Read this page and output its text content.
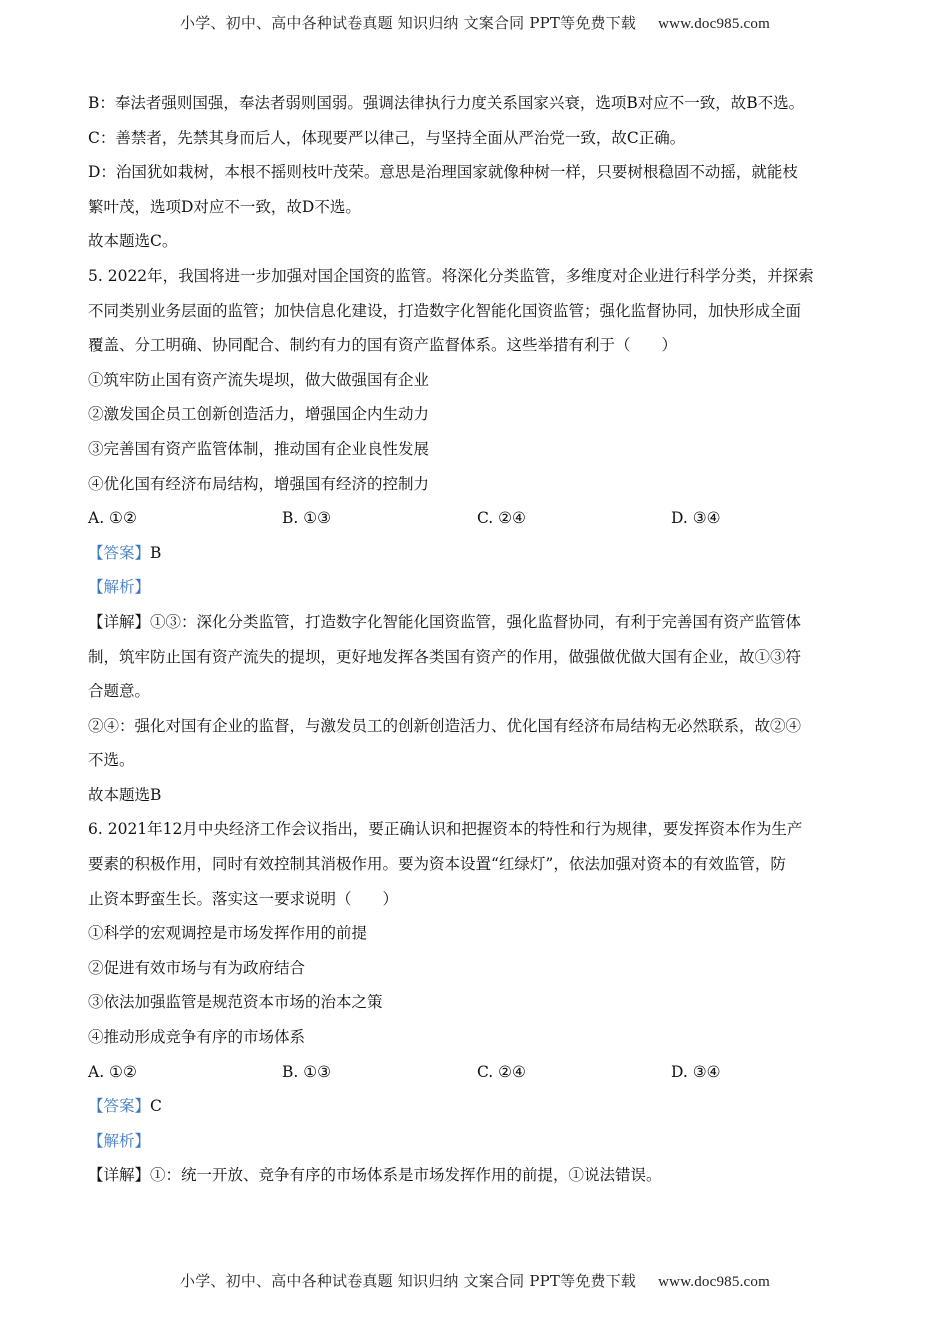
小学、初中、高中各种试卷真题 知识归纳 文案合同 PPT等免费下载 www.doc985.com
B：奉法者强则国强，奉法者弱则国弱。强调法律执行力度关系国家兴衰，选项B对应不一致，故B不选。
C：善禁者，先禁其身而后人，体现要严以律己，与坚持全面从严治党一致，故C正确。
D：治国犹如栽树，本根不摇则枝叶茂荣。意思是治理国家就像种树一样，只要树根稳固不动摇，就能枝
繁叶茂，选项D对应不一致，故D不选。
故本题选C。
5. 2022年，我国将进一步加强对国企国资的监管。将深化分类监管，多维度对企业进行科学分类，并探索
不同类别业务层面的监管；加快信息化建设，打造数字化智能化国资监管；强化监督协同，加快形成全面
覆盖、分工明确、协同配合、制约有力的国有资产监督体系。这些举措有利于（　　）
①筑牢防止国有资产流失堤坝，做大做强国有企业
②激发国企员工创新创造活力，增强国企内生动力
③完善国有资产监管体制，推动国有企业良性发展
④优化国有经济布局结构，增强国有经济的控制力
A. ①②	B. ①③	C. ②④	D. ③④
【答案】B
【解析】
【详解】①③：深化分类监管，打造数字化智能化国资监管，强化监督协同，有利于完善国有资产监管体
制，筑牢防止国有资产流失的提坝，更好地发挥各类国有资产的作用，做强做优做大国有企业，故①③符
合题意。
②④：强化对国有企业的监督，与激发员工的创新创造活力、优化国有经济布局结构无必然联系，故②④
不选。
故本题选B
6. 2021年12月中央经济工作会议指出，要正确认识和把握资本的特性和行为规律，要发挥资本作为生产
要素的积极作用，同时有效控制其消极作用。要为资本设置“红绿灯”，依法加强对资本的有效监管，防
止资本野蛮生长。落实这一要求说明（　　）
①科学的宏观调控是市场发挥作用的前提
②促进有效市场与有为政府结合
③依法加强监管是规范资本市场的治本之策
④推动形成竞争有序的市场体系
A. ①②	B. ①③	C. ②④	D. ③④
【答案】C
【解析】
【详解】①：统一开放、竞争有序的市场体系是市场发挥作用的前提，①说法错误。
小学、初中、高中各种试卷真题 知识归纳 文案合同 PPT等免费下载 www.doc985.com
